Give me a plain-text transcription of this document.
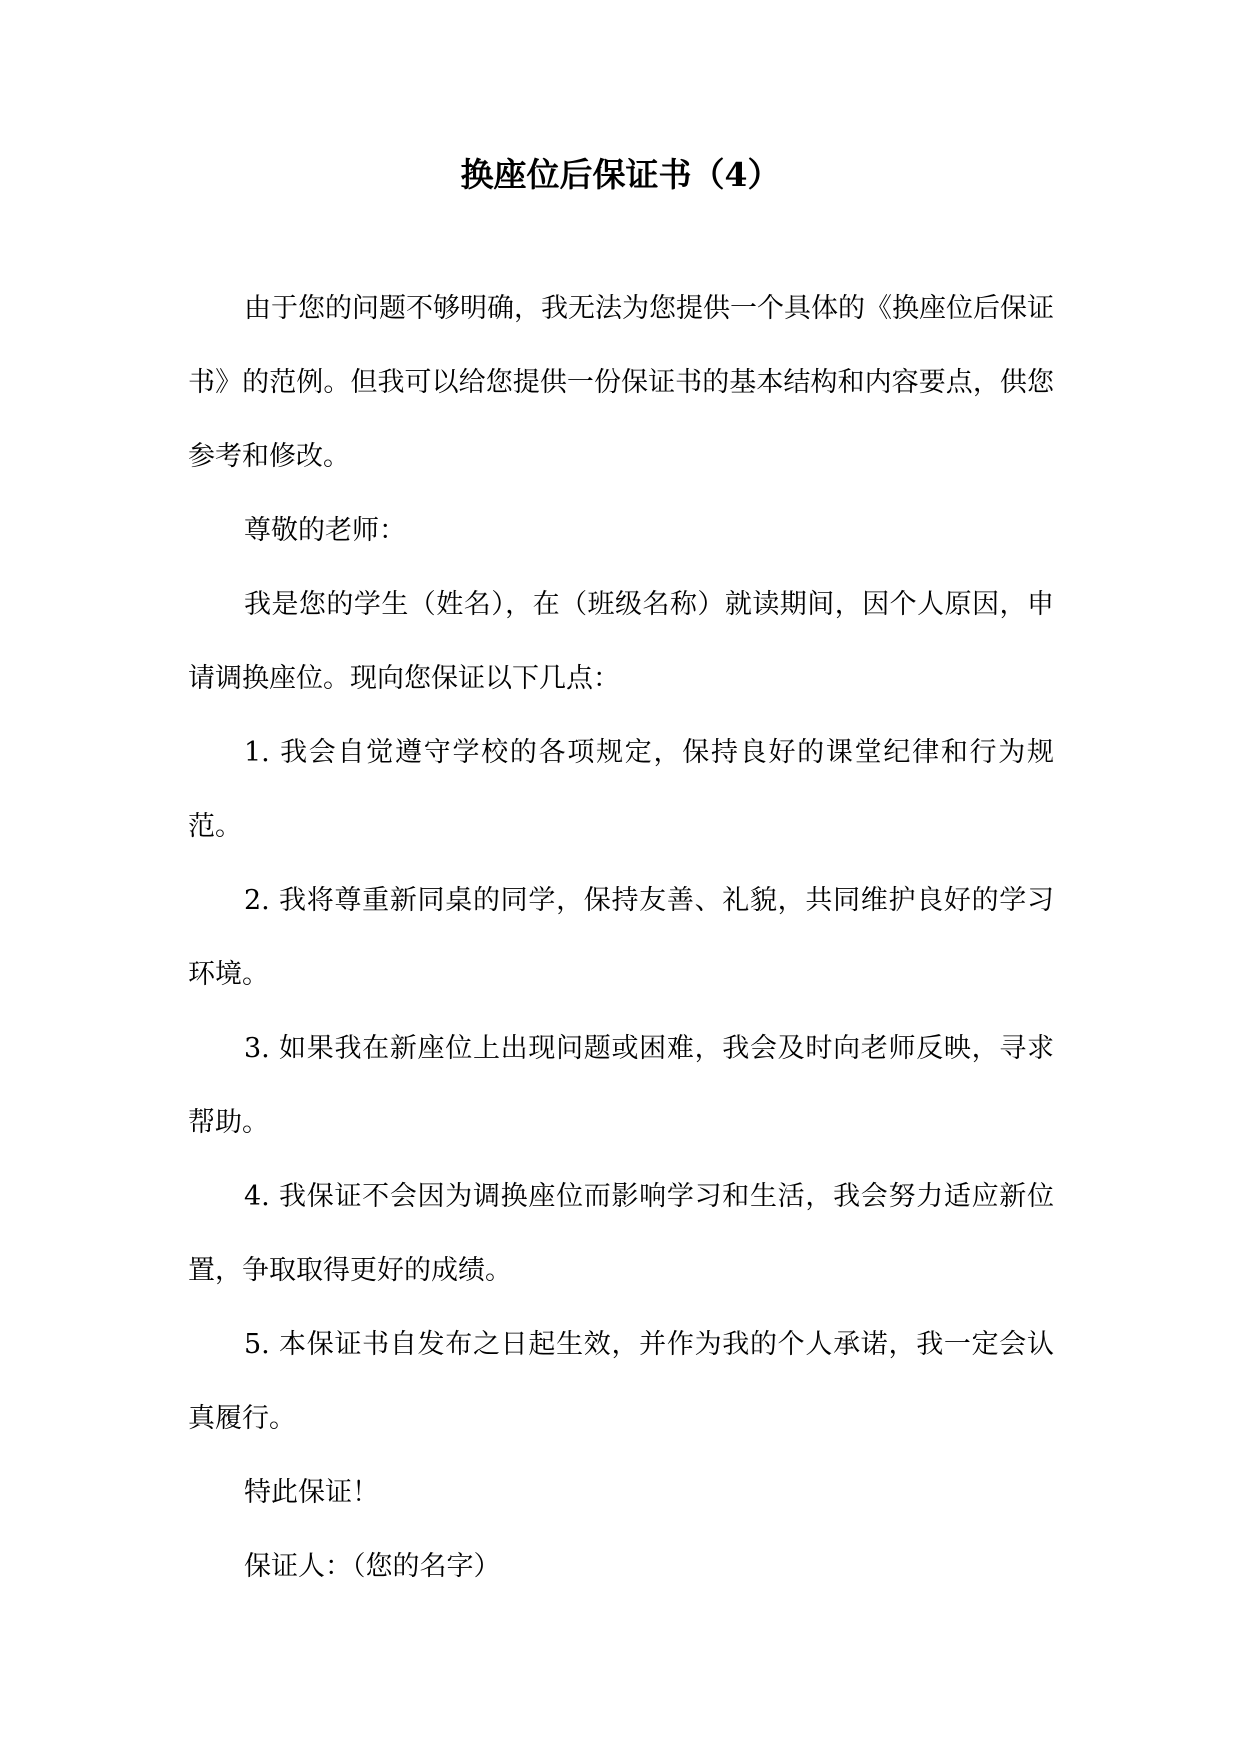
换座位后保证书（4）

由于您的问题不够明确，我无法为您提供一个具体的《换座位后保证书》的范例。但我可以给您提供一份保证书的基本结构和内容要点，供您参考和修改。

尊敬的老师：

我是您的学生（姓名），在（班级名称）就读期间，因个人原因，申请调换座位。现向您保证以下几点：

1. 我会自觉遵守学校的各项规定，保持良好的课堂纪律和行为规范。

2. 我将尊重新同桌的同学，保持友善、礼貌，共同维护良好的学习环境。

3. 如果我在新座位上出现问题或困难，我会及时向老师反映，寻求帮助。

4. 我保证不会因为调换座位而影响学习和生活，我会努力适应新位置，争取取得更好的成绩。

5. 本保证书自发布之日起生效，并作为我的个人承诺，我一定会认真履行。

特此保证！

保证人：（您的名字）
